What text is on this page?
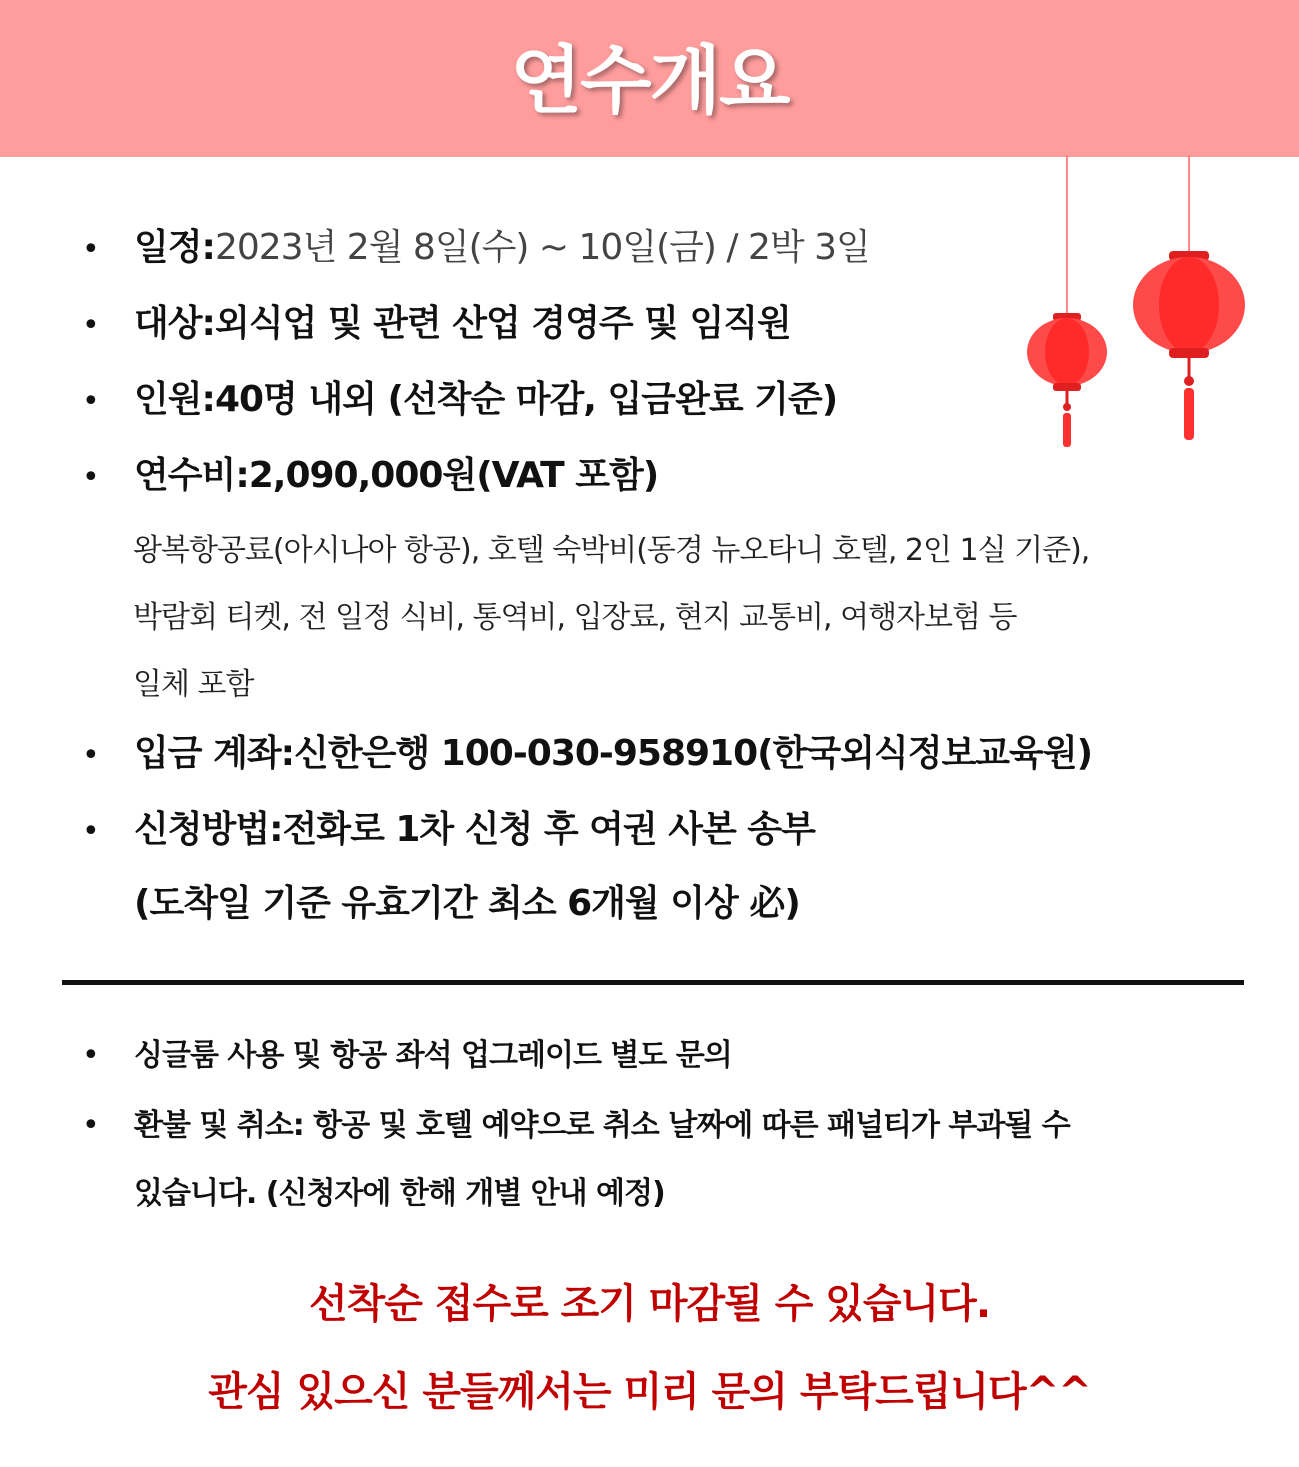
연수개요
• 일정: 2023년 2월 8일(수) ~ 10일(금) / 2박 3일
• 대상: 외식업 및 관련 산업 경영주 및 임직원
• 인원: 40명 내외 (선착순 마감, 입금완료 기준)
• 연수비: 2,090,000원(VAT 포함)
왕복항공료(아시나아 항공), 호텔 숙박비(동경 뉴오타니 호텔, 2인 1실 기준),
박람회 티켓, 전 일정 식비, 통역비, 입장료, 현지 교통비, 여행자보험 등
일체 포함
• 입금 계좌: 신한은행 100-030-958910(한국외식정보교육원)
• 신청방법: 전화로 1차 신청 후 여권 사본 송부
(도착일 기준 유효기간 최소 6개월 이상 必)
•	싱글룸 사용 및 항공 좌석 업그레이드 별도 문의
•	환불 및 취소: 항공 및 호텔 예약으로 취소 날짜에 따른 패널티가 부과될 수
있습니다. (신청자에 한해 개별 안내 예정)
선착순 접수로 조기 마감될 수 있습니다.
관심 있으신 분들께서는 미리 문의 부탁드립니다^^
